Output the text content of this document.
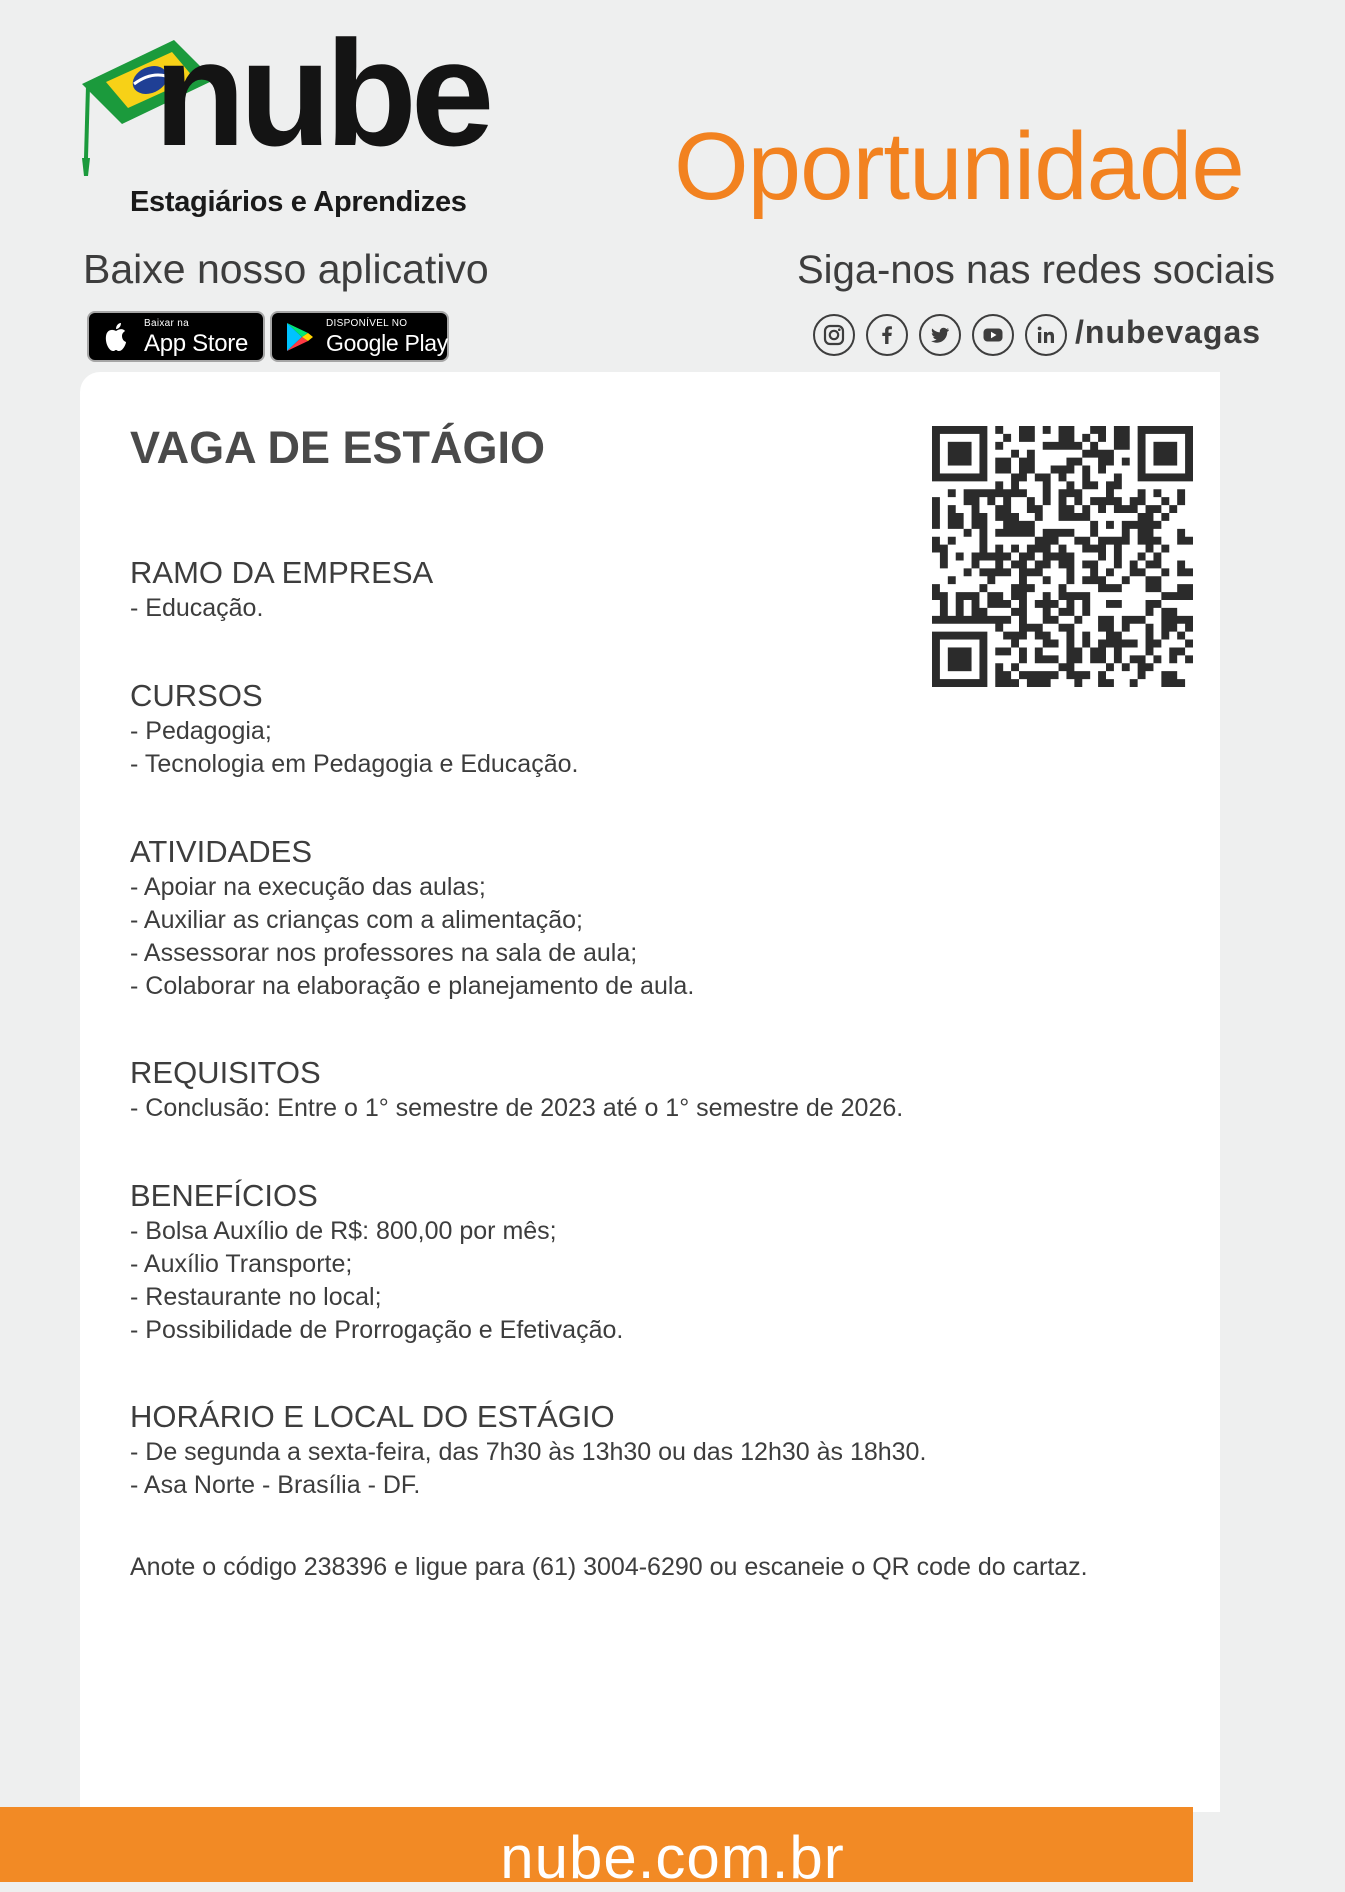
nube
Estagiários e Aprendizes
Baixe nosso aplicativo
Baixar na
App Store
DISPONÍVEL NO
Google Play
Oportunidade
Siga-nos nas redes sociais
/nubevagas
VAGA DE ESTÁGIO
RAMO DA EMPRESA
- Educação.
CURSOS
- Pedagogia;
- Tecnologia em Pedagogia e Educação.
ATIVIDADES
- Apoiar na execução das aulas;
- Auxiliar as crianças com a alimentação;
- Assessorar nos professores na sala de aula;
- Colaborar na elaboração e planejamento de aula.
REQUISITOS
- Conclusão: Entre o 1° semestre de 2023 até o 1° semestre de 2026.
BENEFÍCIOS
- Bolsa Auxílio de R$: 800,00 por mês;
- Auxílio Transporte;
- Restaurante no local;
- Possibilidade de Prorrogação e Efetivação.
HORÁRIO E LOCAL DO ESTÁGIO
- De segunda a sexta-feira, das 7h30 às 13h30 ou das 12h30 às 18h30.
- Asa Norte - Brasília - DF.
Anote o código 238396 e ligue para (61) 3004-6290 ou escaneie o QR code do cartaz.
nube.com.br
